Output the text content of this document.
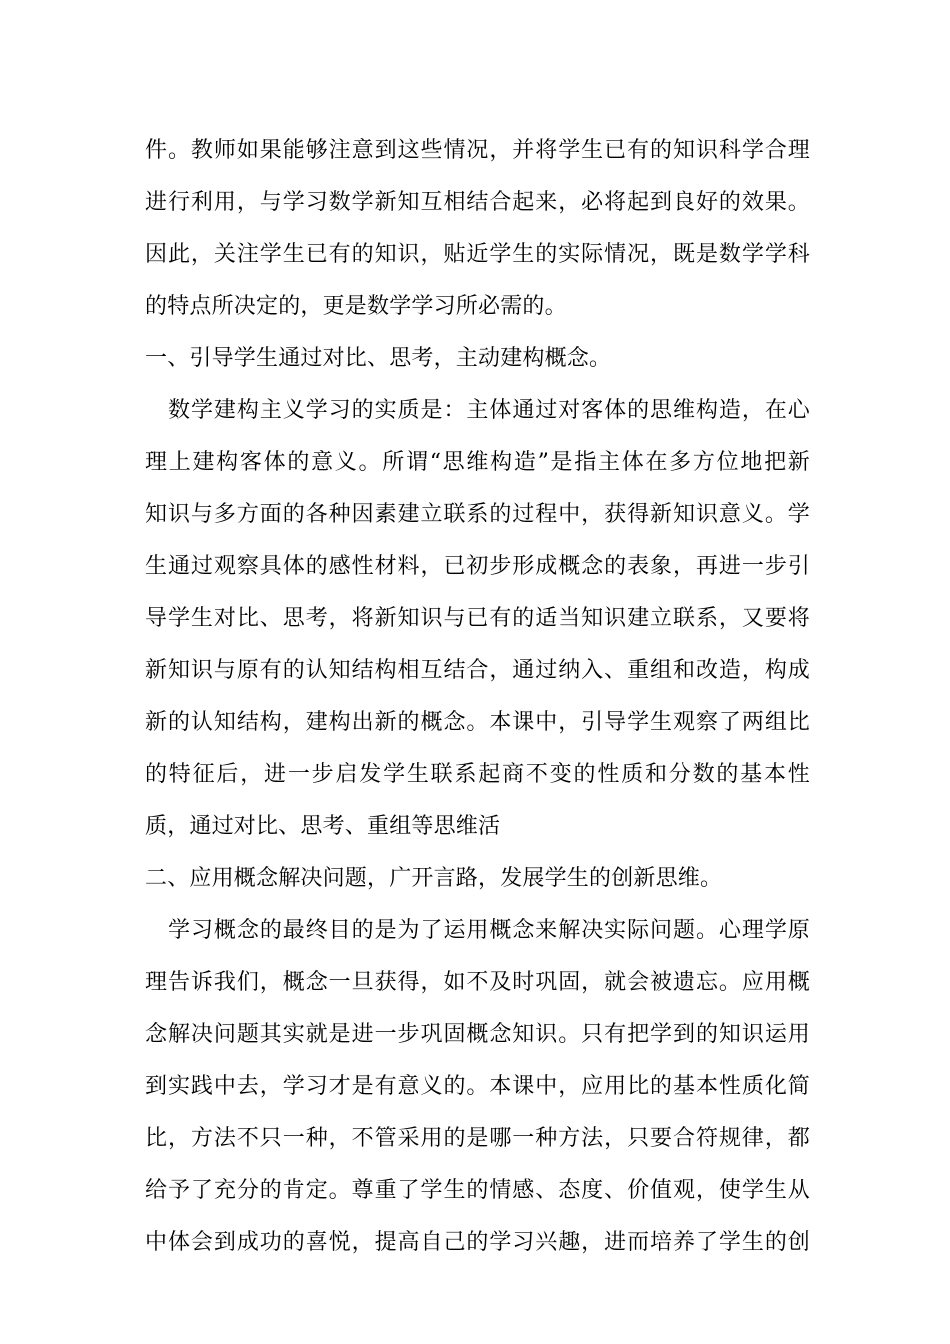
件。教师如果能够注意到这些情况，并将学生已有的知识科学合理
进行利用，与学习数学新知互相结合起来，必将起到良好的效果。
因此，关注学生已有的知识，贴近学生的实际情况，既是数学学科
的特点所决定的，更是数学学习所必需的。
一、引导学生通过对比、思考，主动建构概念。
数学建构主义学习的实质是：主体通过对客体的思维构造，在心
理上建构客体的意义。所谓“思维构造”是指主体在多方位地把新
知识与多方面的各种因素建立联系的过程中，获得新知识意义。学
生通过观察具体的感性材料，已初步形成概念的表象，再进一步引
导学生对比、思考，将新知识与已有的适当知识建立联系，又要将
新知识与原有的认知结构相互结合，通过纳入、重组和改造，构成
新的认知结构，建构出新的概念。本课中，引导学生观察了两组比
的特征后，进一步启发学生联系起商不变的性质和分数的基本性
质，通过对比、思考、重组等思维活
二、应用概念解决问题，广开言路，发展学生的创新思维。
学习概念的最终目的是为了运用概念来解决实际问题。心理学原
理告诉我们，概念一旦获得，如不及时巩固，就会被遗忘。应用概
念解决问题其实就是进一步巩固概念知识。只有把学到的知识运用
到实践中去，学习才是有意义的。本课中，应用比的基本性质化简
比，方法不只一种，不管采用的是哪一种方法，只要合符规律，都
给予了充分的肯定。尊重了学生的情感、态度、价值观，使学生从
中体会到成功的喜悦，提高自己的学习兴趣，进而培养了学生的创
